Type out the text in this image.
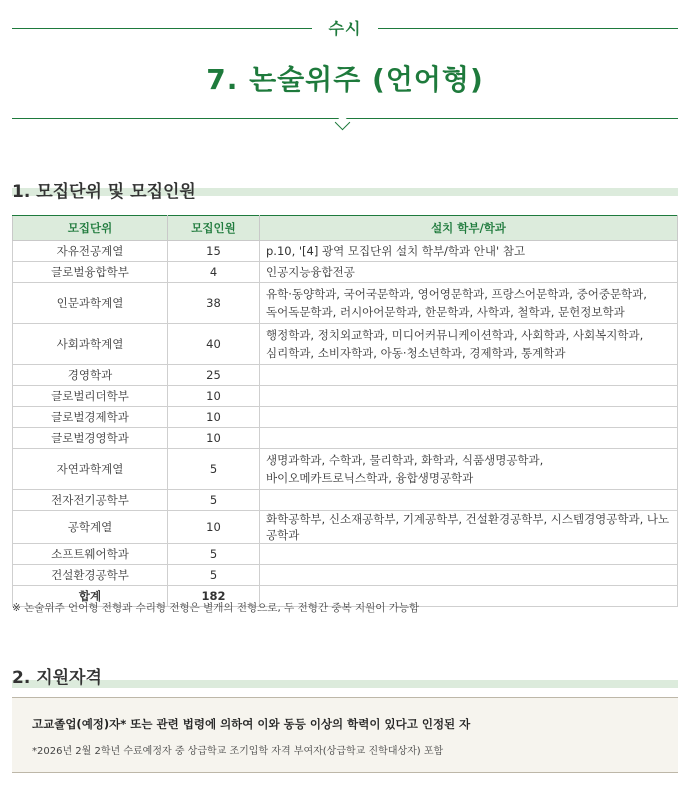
수시
7. 논술위주 (언어형)
1. 모집단위 및 모집인원
모집단위	모집인원	설치 학부/학과
자유전공계열	15	p.10, '[4] 광역 모집단위 설치 학부/학과 안내' 참고

글로벌융합학부	4	인공지능융합전공

인문과학계열	38	유학·동양학과, 국어국문학과, 영어영문학과, 프랑스어문학과, 중어중문학과,
독어독문학과, 러시아어문학과, 한문학과, 사학과, 철학과, 문헌정보학과

사회과학계열	40	행정학과, 정치외교학과, 미디어커뮤니케이션학과, 사회학과, 사회복지학과,
심리학과, 소비자학과, 아동·청소년학과, 경제학과, 통계학과

경영학과	25	
글로벌리더학부	10	
글로벌경제학과	10	
글로벌경영학과	10	
자연과학계열	5	생명과학과, 수학과, 물리학과, 화학과, 식품생명공학과,
바이오메카트로닉스학과, 융합생명공학과

전자전기공학부	5	
공학계열	10	화학공학부, 신소재공학부, 기계공학부, 건설환경공학부, 시스템경영공학과, 나노공학과

소프트웨어학과	5	
건설환경공학부	5	
합계	182	
※ 논술위주 언어형 전형과 수리형 전형은 별개의 전형으로, 두 전형간 중복 지원이 가능함
2. 지원자격
고교졸업(예정)자* 또는 관련 법령에 의하여 이와 동등 이상의 학력이 있다고 인정된 자
*2026년 2월 2학년 수료예정자 중 상급학교 조기입학 자격 부여자(상급학교 진학대상자) 포함
